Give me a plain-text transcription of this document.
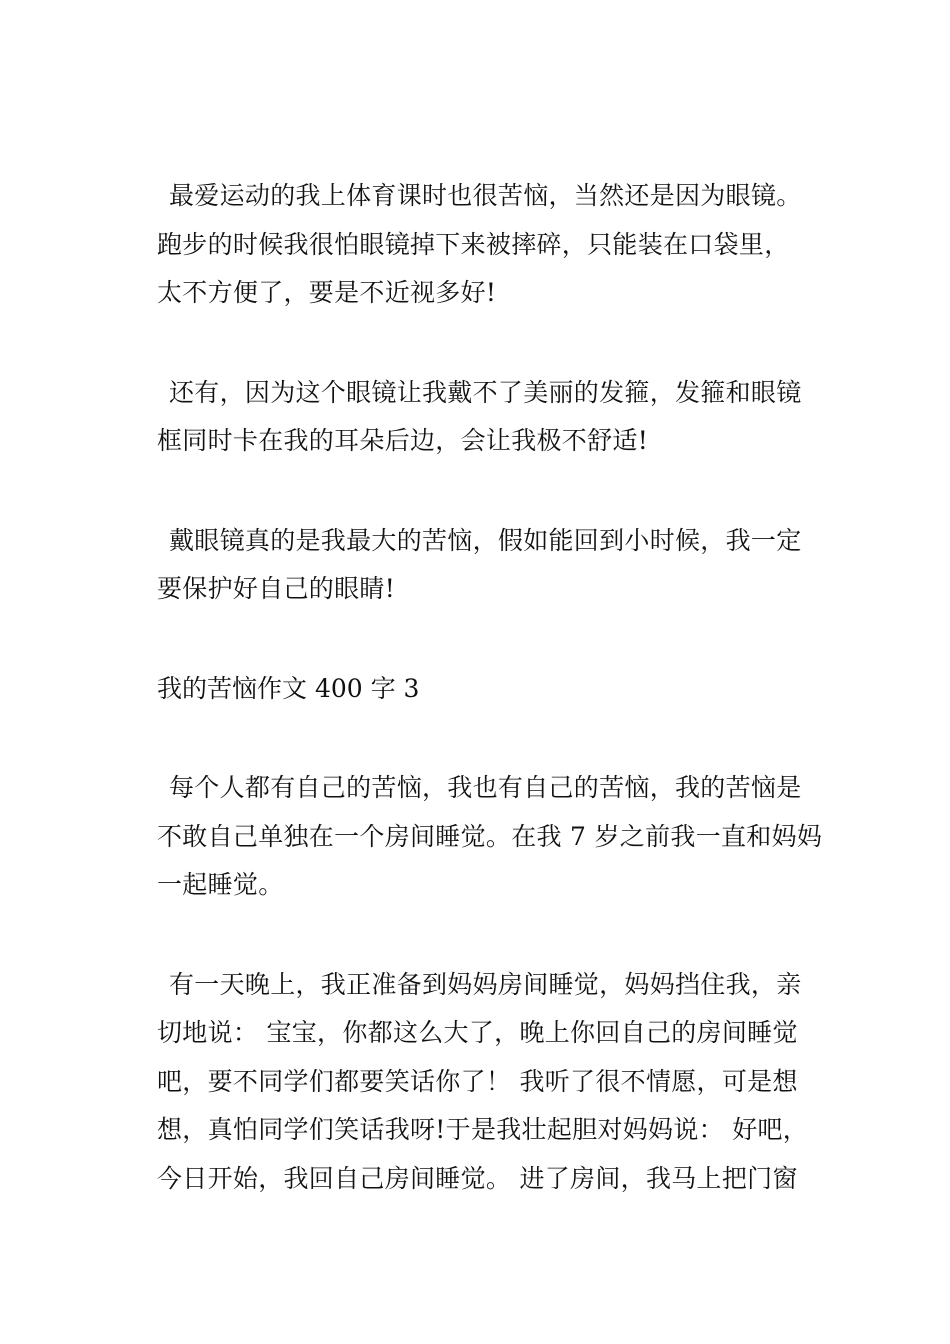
最爱运动的我上体育课时也很苦恼，当然还是因为眼镜。
跑步的时候我很怕眼镜掉下来被摔碎，只能装在口袋里，
太不方便了，要是不近视多好!
还有，因为这个眼镜让我戴不了美丽的发箍，发箍和眼镜
框同时卡在我的耳朵后边，会让我极不舒适!
戴眼镜真的是我最大的苦恼，假如能回到小时候，我一定
要保护好自己的眼睛!
我的苦恼作文 400 字 3
每个人都有自己的苦恼，我也有自己的苦恼，我的苦恼是
不敢自己单独在一个房间睡觉。在我 7 岁之前我一直和妈妈
一起睡觉。
有一天晚上，我正准备到妈妈房间睡觉，妈妈挡住我，亲
切地说： 宝宝，你都这么大了，晚上你回自己的房间睡觉
吧，要不同学们都要笑话你了！ 我听了很不情愿，可是想
想，真怕同学们笑话我呀!于是我壮起胆对妈妈说： 好吧，
今日开始，我回自己房间睡觉。 进了房间，我马上把门窗
